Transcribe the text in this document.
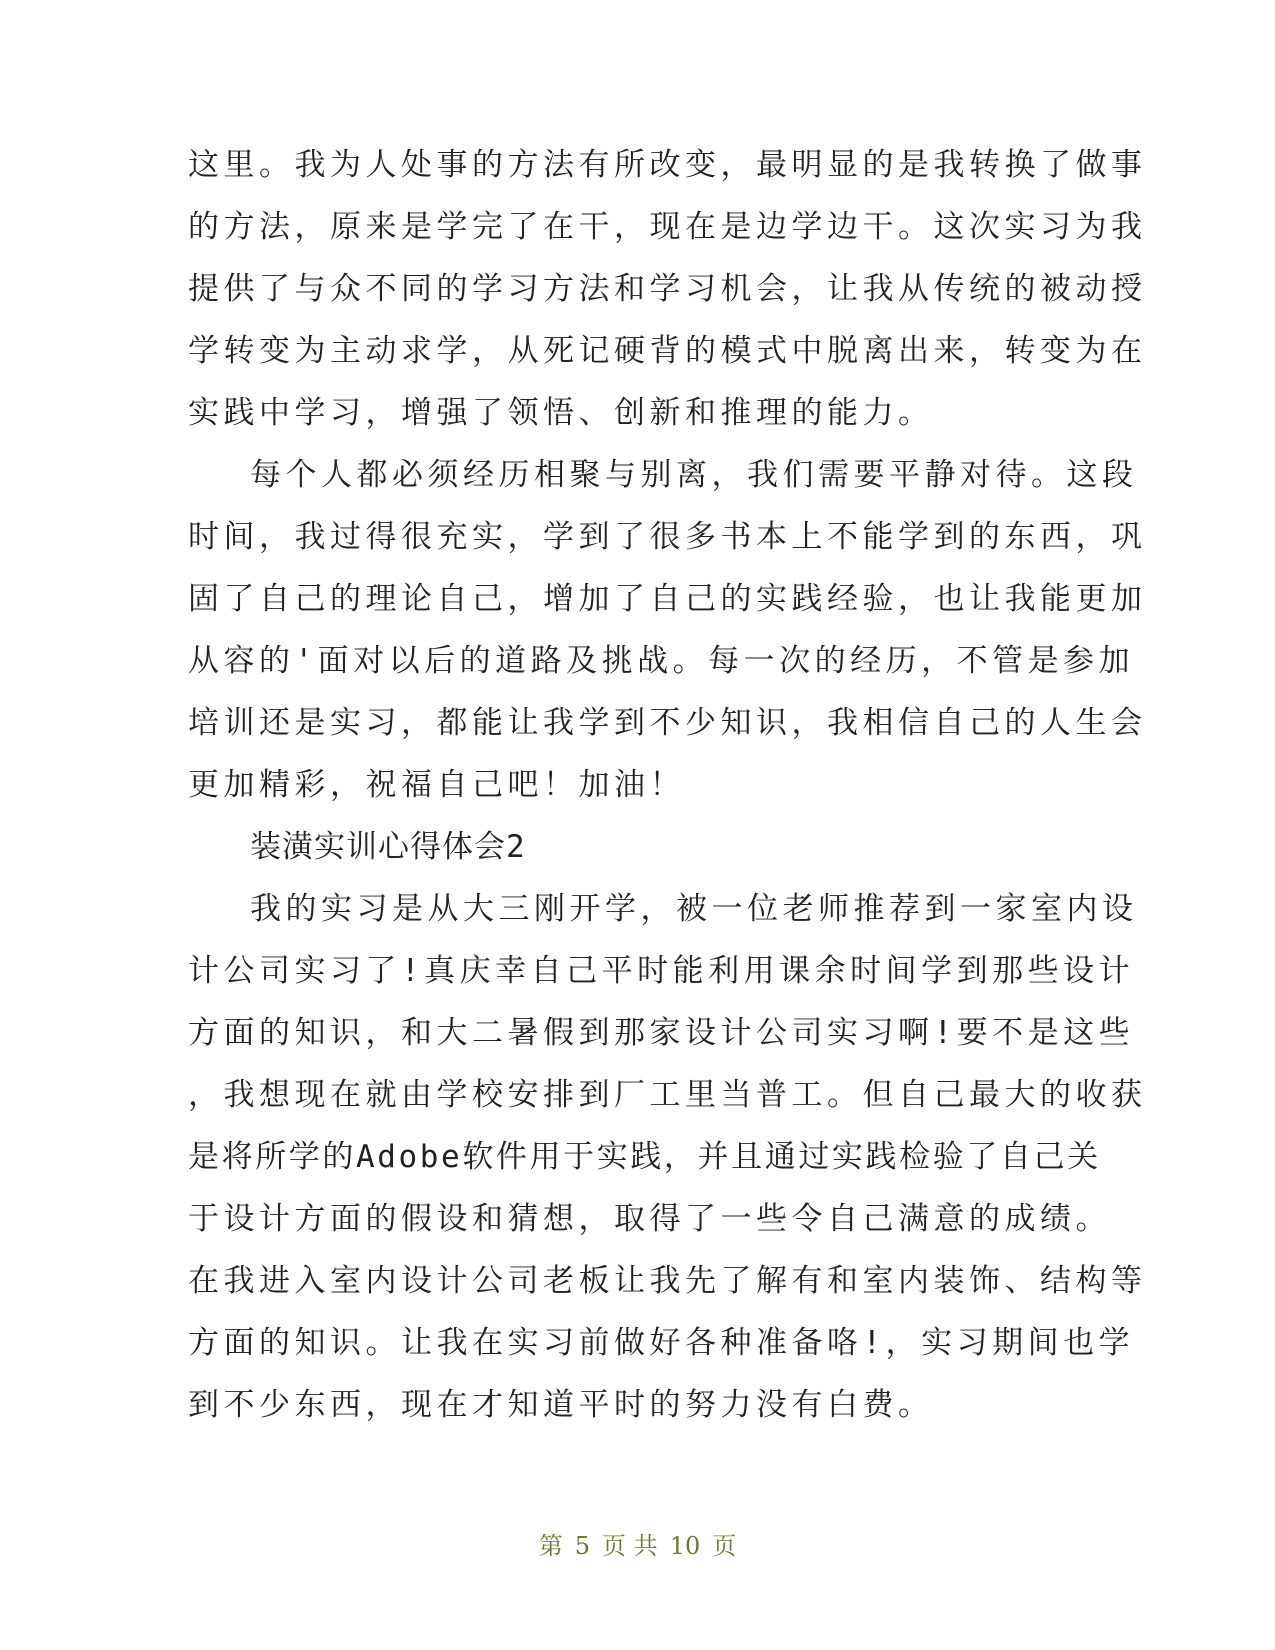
这里。我为人处事的方法有所改变，最明显的是我转换了做事
的方法，原来是学完了在干，现在是边学边干。这次实习为我
提供了与众不同的学习方法和学习机会，让我从传统的被动授
学转变为主动求学，从死记硬背的模式中脱离出来，转变为在
实践中学习，增强了领悟、创新和推理的能力。
每个人都必须经历相聚与别离，我们需要平静对待。这段
时间，我过得很充实，学到了很多书本上不能学到的东西，巩
固了自己的理论自己，增加了自己的实践经验，也让我能更加
从容的'面对以后的道路及挑战。每一次的经历，不管是参加
培训还是实习，都能让我学到不少知识，我相信自己的人生会
更加精彩，祝福自己吧！加油！
装潢实训心得体会2
我的实习是从大三刚开学，被一位老师推荐到一家室内设
计公司实习了!真庆幸自己平时能利用课余时间学到那些设计
方面的知识，和大二暑假到那家设计公司实习啊!要不是这些
，我想现在就由学校安排到厂工里当普工。但自己最大的收获
是将所学的Adobe软件用于实践，并且通过实践检验了自己关
于设计方面的假设和猜想，取得了一些令自己满意的成绩。
在我进入室内设计公司老板让我先了解有和室内装饰、结构等
方面的知识。让我在实习前做好各种准备咯!，实习期间也学
到不少东西，现在才知道平时的努力没有白费。
第 5 页 共 10 页
